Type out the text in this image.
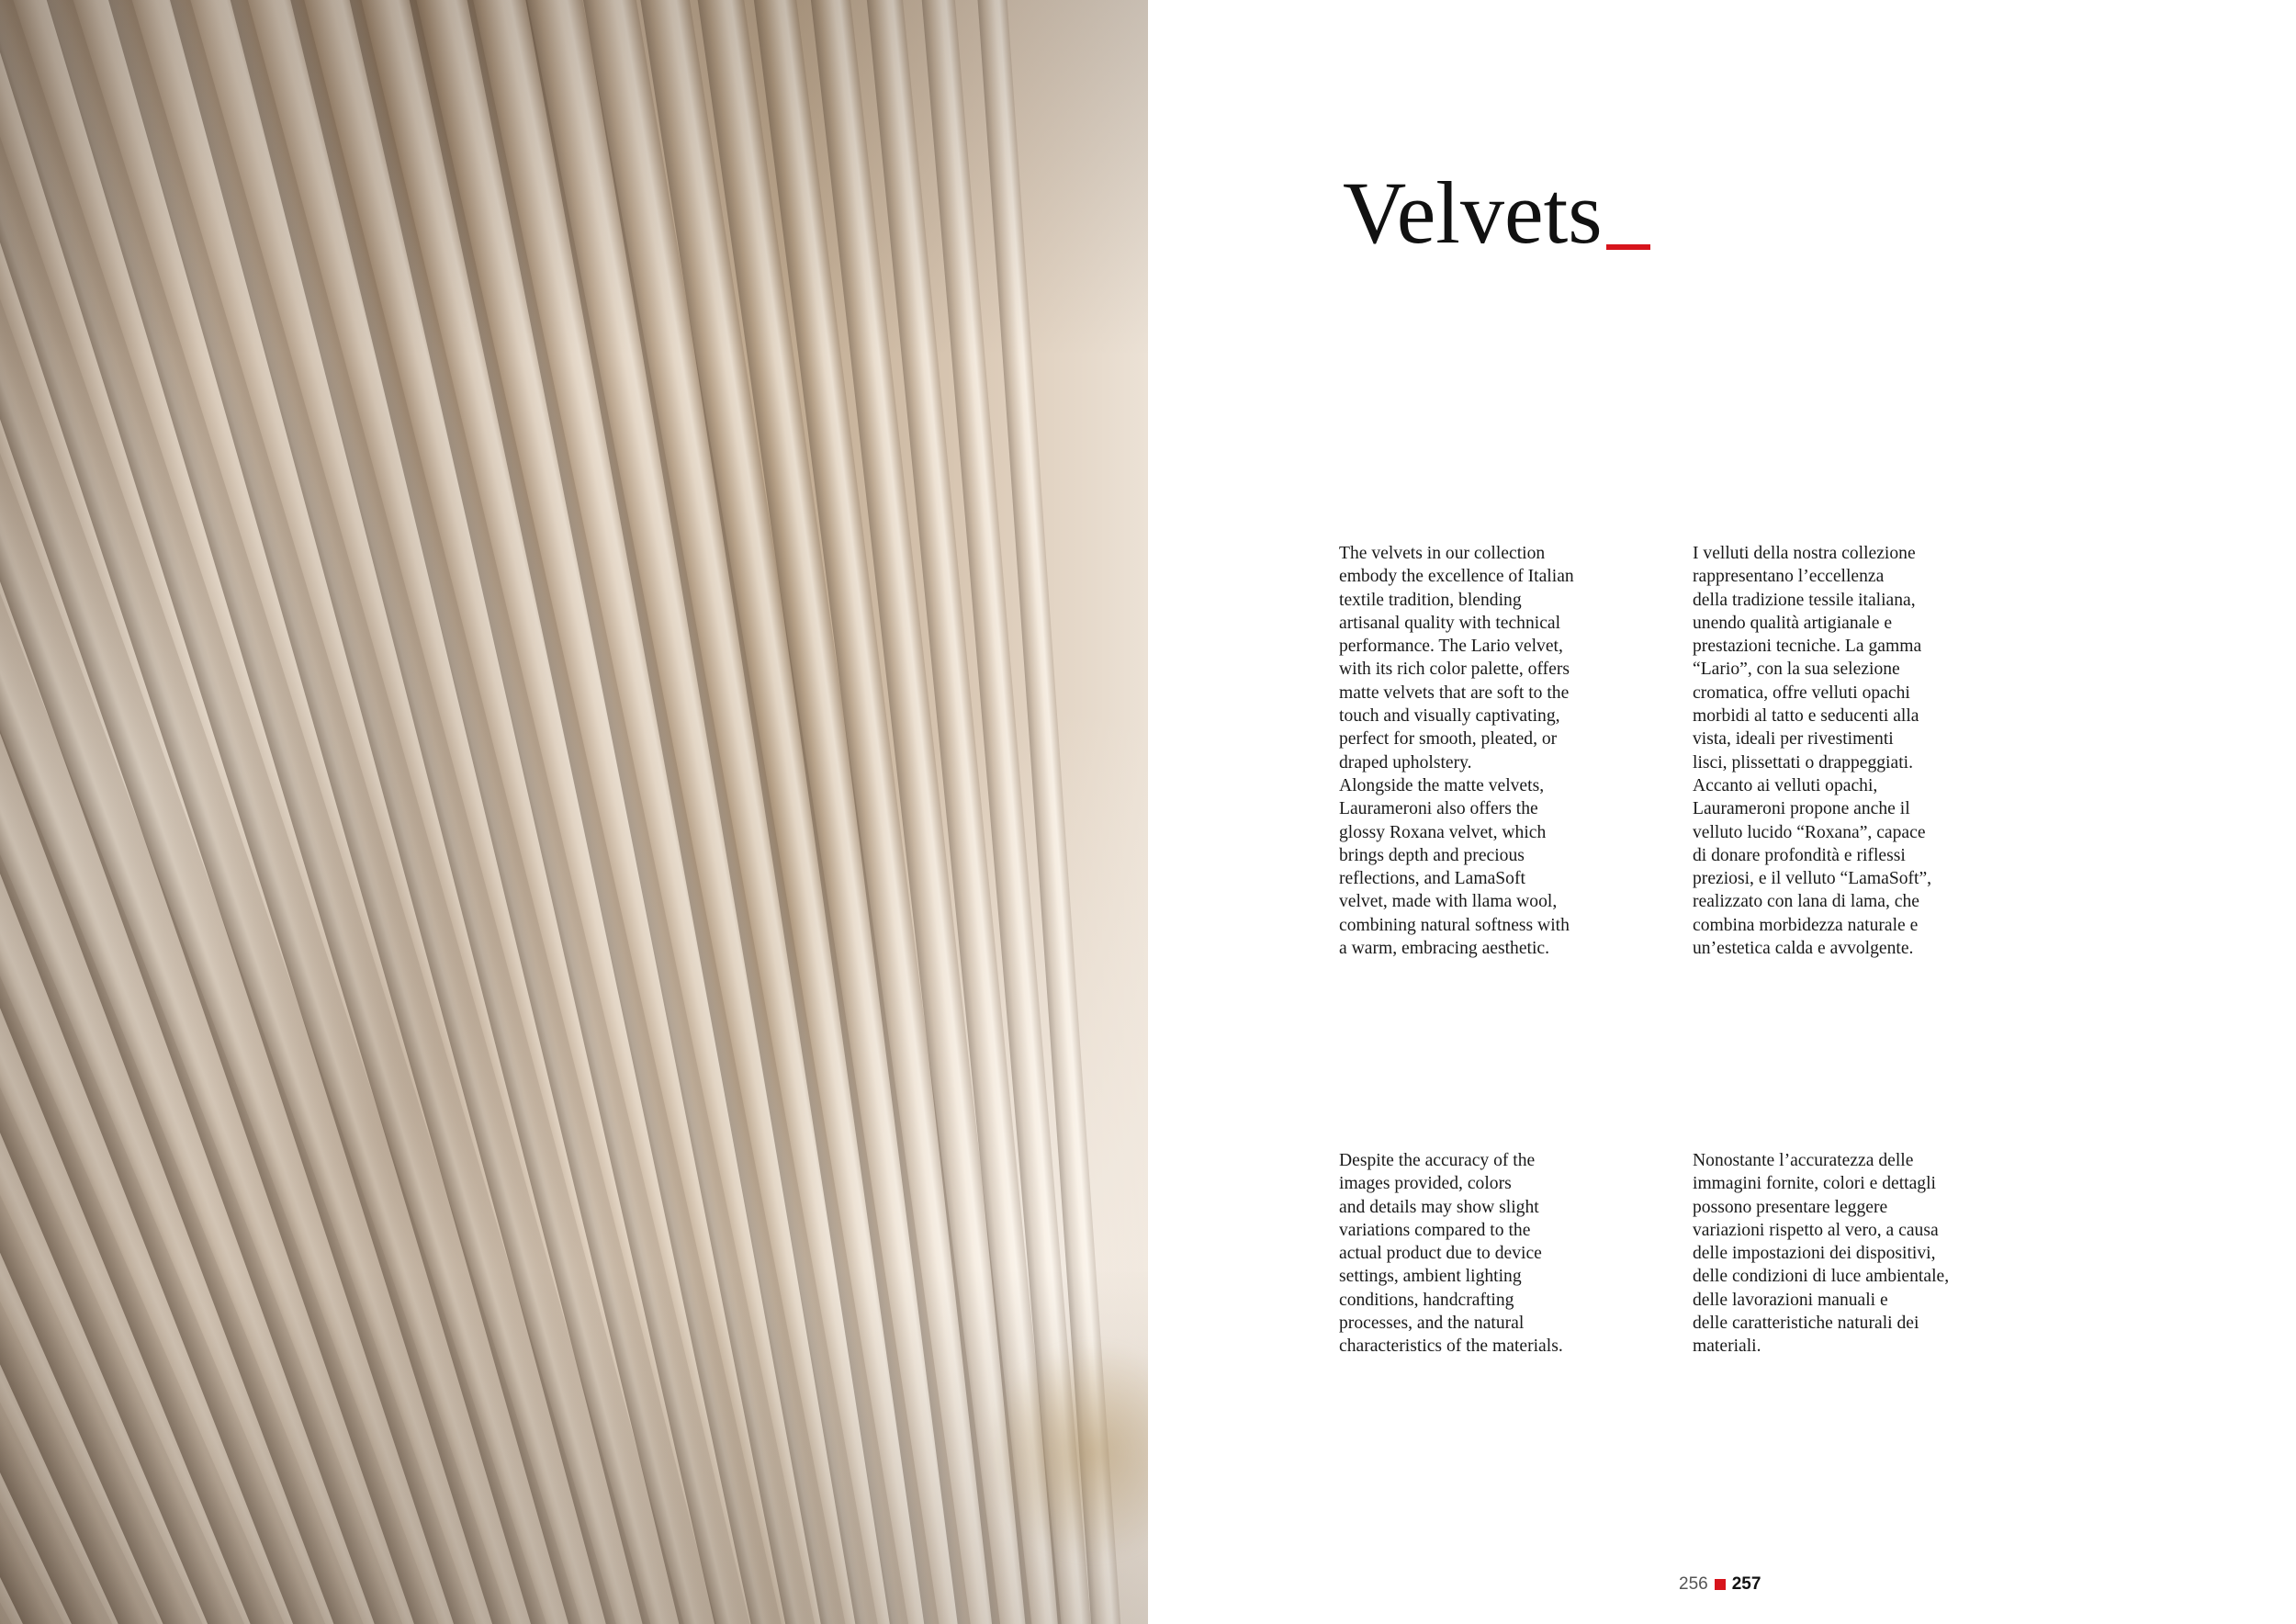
Velvets

The velvets in our collection
embody the excellence of Italian
textile tradition, blending
artisanal quality with technical
performance. The Lario velvet,
with its rich color palette, offers
matte velvets that are soft to the
touch and visually captivating,
perfect for smooth, pleated, or
draped upholstery.
Alongside the matte velvets,
Laurameroni also offers the
glossy Roxana velvet, which
brings depth and precious
reflections, and LamaSoft
velvet, made with llama wool,
combining natural softness with
a warm, embracing aesthetic.

I velluti della nostra collezione
rappresentano l’eccellenza
della tradizione tessile italiana,
unendo qualità artigianale e
prestazioni tecniche. La gamma
“Lario”, con la sua selezione
cromatica, offre velluti opachi
morbidi al tatto e seducenti alla
vista, ideali per rivestimenti
lisci, plissettati o drappeggiati.
Accanto ai velluti opachi,
Laurameroni propone anche il
velluto lucido “Roxana”, capace
di donare profondità e riflessi
preziosi, e il velluto “LamaSoft”,
realizzato con lana di lama, che
combina morbidezza naturale e
un’estetica calda e avvolgente.

Despite the accuracy of the
images provided, colors
and details may show slight
variations compared to the
actual product due to device
settings, ambient lighting
conditions, handcrafting
processes, and the natural
characteristics of the materials.

Nonostante l’accuratezza delle
immagini fornite, colori e dettagli
possono presentare leggere
variazioni rispetto al vero, a causa
delle impostazioni dei dispositivi,
delle condizioni di luce ambientale,
delle lavorazioni manuali e
delle caratteristiche naturali dei
materiali.

256 257
